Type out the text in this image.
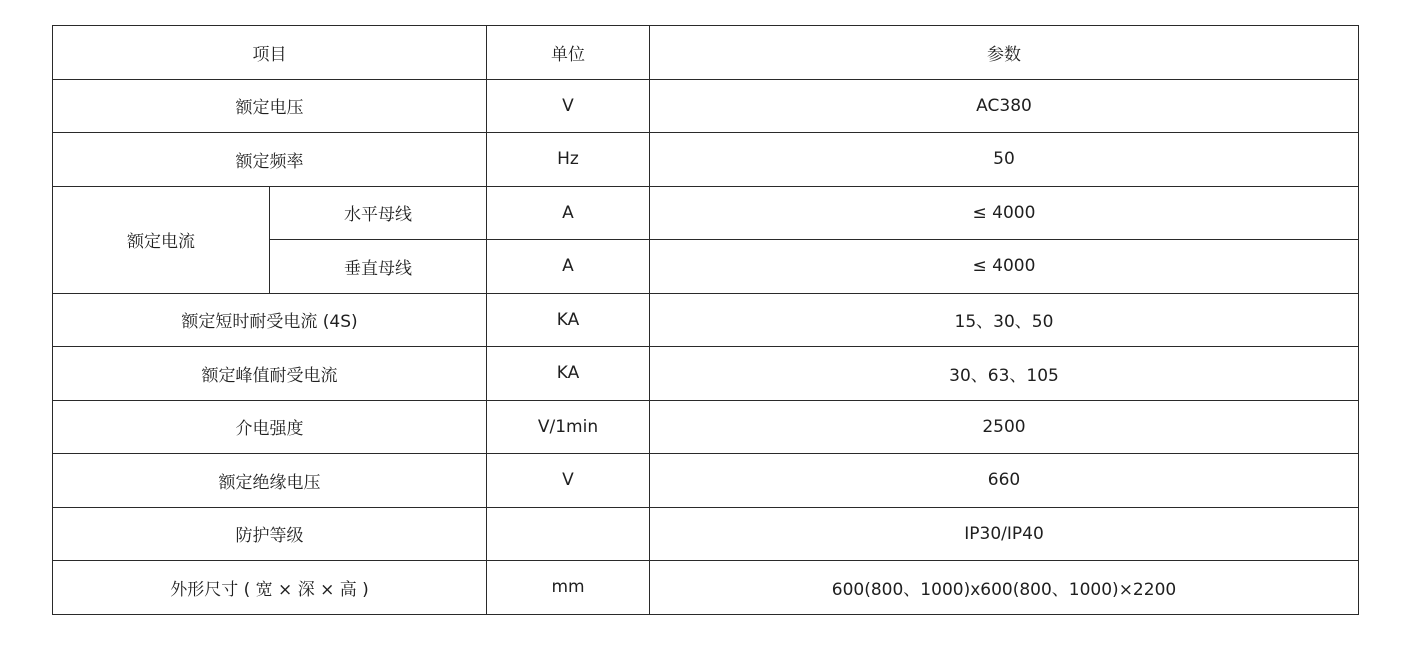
项目		单位	参数
额定电压		V	AC380
额定频率		Hz	50
额定电流	水平母线	A	≤ 4000
	垂直母线	A	≤ 4000
额定短时耐受电流 (4S)		KA	15、30、50
额定峰值耐受电流		KA	30、63、105
介电强度		V/1min	2500
额定绝缘电压		V	660
防护等级			IP30/IP40
外形尺寸 ( 宽 × 深 × 高 )		mm	600(800、1000)x600(800、1000)×2200
